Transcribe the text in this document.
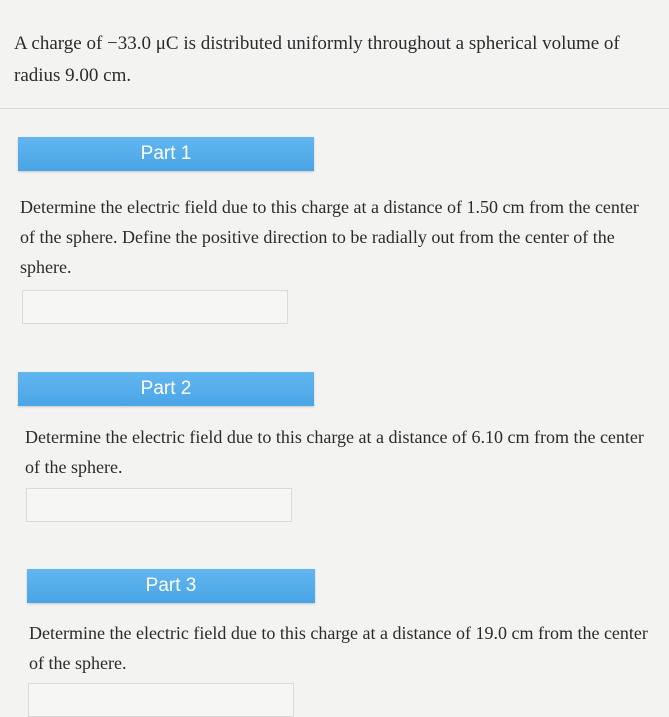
A charge of −33.0 μC is distributed uniformly throughout a spherical volume of radius 9.00 cm.

Part 1

Determine the electric field due to this charge at a distance of 1.50 cm from the center of the sphere. Define the positive direction to be radially out from the center of the sphere.

Part 2

Determine the electric field due to this charge at a distance of 6.10 cm from the center of the sphere.

Part 3

Determine the electric field due to this charge at a distance of 19.0 cm from the center of the sphere.
